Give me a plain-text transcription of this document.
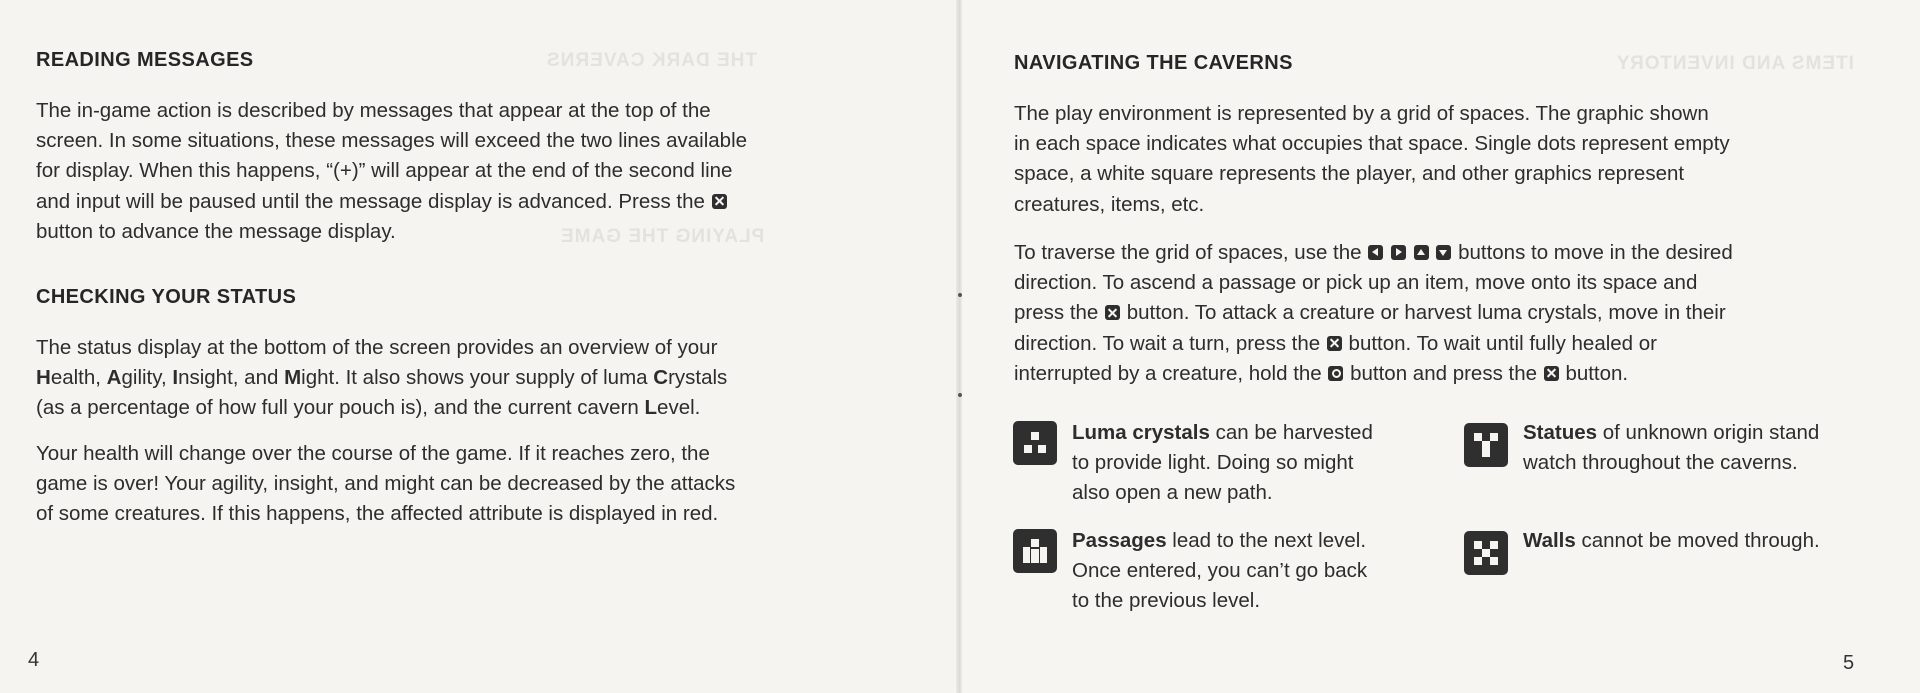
THE DARK CAVERNS
PLAYING THE GAME
READING MESSAGES
The in-game action is described by messages that appear at the top of the
screen. In some situations, these messages will exceed the two lines available
for display. When this happens, “(+)” will appear at the end of the second line
and input will be paused until the message display is advanced. Press the
button to advance the message display.
CHECKING YOUR STATUS
The status display at the bottom of the screen provides an overview of your
Health, Agility, Insight, and Might. It also shows your supply of luma Crystals
(as a percentage of how full your pouch is), and the current cavern Level.
Your health will change over the course of the game. If it reaches zero, the
game is over! Your agility, insight, and might can be decreased by the attacks
of some creatures. If this happens, the affected attribute is displayed in red.
4
ITEMS AND INVENTORY
NAVIGATING THE CAVERNS
The play environment is represented by a grid of spaces. The graphic shown
in each space indicates what occupies that space. Single dots represent empty
space, a white square represents the player, and other graphics represent
creatures, items, etc.
To traverse the grid of spaces, use the	buttons to move in the desired
direction. To ascend a passage or pick up an item, move onto its space and
press the button. To attack a creature or harvest luma crystals, move in their
direction. To wait a turn, press the button. To wait until fully healed or
interrupted by a creature, hold the button and press the button.
Luma crystals can be harvested
to provide light. Doing so might
also open a new path.
Statues of unknown origin stand
watch throughout the caverns.
Passages lead to the next level.
Once entered, you can’t go back
to the previous level.
Walls cannot be moved through.
5
